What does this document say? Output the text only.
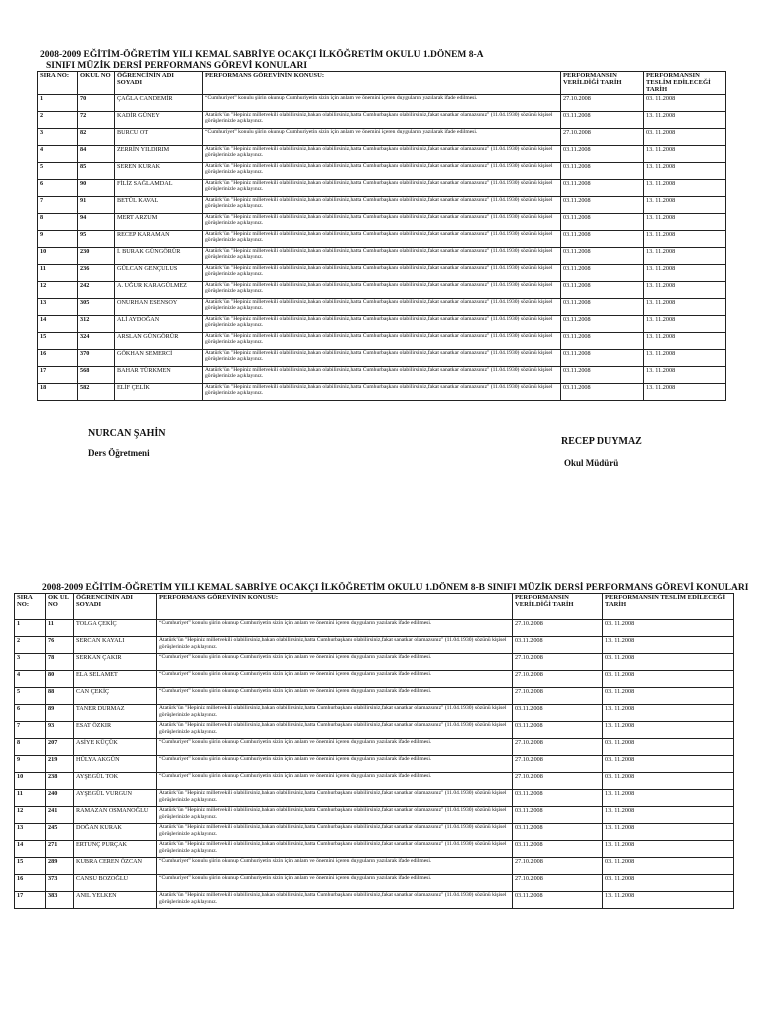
2008-2009 EĞİTİM-ÖĞRETİM YILI KEMAL SABRİYE OCAKÇI İLKÖĞRETİM OKULU 1.DÖNEM 8-A
SINIFI MÜZİK DERSİ PERFORMANS GÖREVİ KONULARI
SIRA NO:	OKUL NO	ÖĞRENCİNİN ADI SOYADI	PERFORMANS GÖREVİNİN KONUSU:	PERFORMANSIN VERİLDİĞİ TARİH	PERFORMANSIN TESLİM EDİLECEĞİ TARİH
1	70	ÇAĞLA CANDEMİR	“Cumhuriyet” konulu şiirin okunup Cumhuriyetin sizin için anlam ve önemini içeren duyguların yazılarak ifade edilmesi.	27.10.2008	03. 11.2008
2	72	KADİR GÜNEY	Atatürk’ün "Hepiniz milletvekili olabilirsiniz,bakan olabilirsiniz,hatta Cumhurbaşkanı olabilirsiniz,fakat sanatkar olamazsınız" (11.04.1930) sözünü kişisel görüşlerinizle açıklayınız.	03.11.2008	13. 11.2008
3	82	BURCU OT	“Cumhuriyet” konulu şiirin okunup Cumhuriyetin sizin için anlam ve önemini içeren duyguların yazılarak ifade edilmesi.	27.10.2008	03. 11.2008
4	84	ZERRİN YILDIRIM	Atatürk’ün "Hepiniz milletvekili olabilirsiniz,bakan olabilirsiniz,hatta Cumhurbaşkanı olabilirsiniz,fakat sanatkar olamazsınız" (11.04.1930) sözünü kişisel görüşlerinizle açıklayınız.	03.11.2008	13. 11.2008
5	85	SEREN KURAK	Atatürk’ün "Hepiniz milletvekili olabilirsiniz,bakan olabilirsiniz,hatta Cumhurbaşkanı olabilirsiniz,fakat sanatkar olamazsınız" (11.04.1930) sözünü kişisel görüşlerinizle açıklayınız.	03.11.2008	13. 11.2008
6	90	FİLİZ SAĞLAMDAL	Atatürk’ün "Hepiniz milletvekili olabilirsiniz,bakan olabilirsiniz,hatta Cumhurbaşkanı olabilirsiniz,fakat sanatkar olamazsınız" (11.04.1930) sözünü kişisel görüşlerinizle açıklayınız.	03.11.2008	13. 11.2008
7	91	BETÜL KAVAL	Atatürk’ün "Hepiniz milletvekili olabilirsiniz,bakan olabilirsiniz,hatta Cumhurbaşkanı olabilirsiniz,fakat sanatkar olamazsınız" (11.04.1930) sözünü kişisel görüşlerinizle açıklayınız.	03.11.2008	13. 11.2008
8	94	MERT ARZUM	Atatürk’ün "Hepiniz milletvekili olabilirsiniz,bakan olabilirsiniz,hatta Cumhurbaşkanı olabilirsiniz,fakat sanatkar olamazsınız" (11.04.1930) sözünü kişisel görüşlerinizle açıklayınız.	03.11.2008	13. 11.2008
9	95	RECEP KARAMAN	Atatürk’ün "Hepiniz milletvekili olabilirsiniz,bakan olabilirsiniz,hatta Cumhurbaşkanı olabilirsiniz,fakat sanatkar olamazsınız" (11.04.1930) sözünü kişisel görüşlerinizle açıklayınız.	03.11.2008	13. 11.2008
10	230	İ. BURAK GÜNGÖRÜR	Atatürk’ün "Hepiniz milletvekili olabilirsiniz,bakan olabilirsiniz,hatta Cumhurbaşkanı olabilirsiniz,fakat sanatkar olamazsınız" (11.04.1930) sözünü kişisel görüşlerinizle açıklayınız.	03.11.2008	13. 11.2008
11	236	GÜLCAN GENÇULUS	Atatürk’ün "Hepiniz milletvekili olabilirsiniz,bakan olabilirsiniz,hatta Cumhurbaşkanı olabilirsiniz,fakat sanatkar olamazsınız" (11.04.1930) sözünü kişisel görüşlerinizle açıklayınız.	03.11.2008	13. 11.2008
12	242	A. UĞUR KARAGÜLMEZ	Atatürk’ün "Hepiniz milletvekili olabilirsiniz,bakan olabilirsiniz,hatta Cumhurbaşkanı olabilirsiniz,fakat sanatkar olamazsınız" (11.04.1930) sözünü kişisel görüşlerinizle açıklayınız.	03.11.2008	13. 11.2008
13	305	ONURHAN ESENSOY	Atatürk’ün "Hepiniz milletvekili olabilirsiniz,bakan olabilirsiniz,hatta Cumhurbaşkanı olabilirsiniz,fakat sanatkar olamazsınız" (11.04.1930) sözünü kişisel görüşlerinizle açıklayınız.	03.11.2008	13. 11.2008
14	312	ALİ AYDOĞAN	Atatürk’ün "Hepiniz milletvekili olabilirsiniz,bakan olabilirsiniz,hatta Cumhurbaşkanı olabilirsiniz,fakat sanatkar olamazsınız" (11.04.1930) sözünü kişisel görüşlerinizle açıklayınız.	03.11.2008	13. 11.2008
15	324	ARSLAN GÜNGÖRÜR	Atatürk’ün "Hepiniz milletvekili olabilirsiniz,bakan olabilirsiniz,hatta Cumhurbaşkanı olabilirsiniz,fakat sanatkar olamazsınız" (11.04.1930) sözünü kişisel görüşlerinizle açıklayınız.	03.11.2008	13. 11.2008
16	370	GÖKHAN SEMERCİ	Atatürk’ün "Hepiniz milletvekili olabilirsiniz,bakan olabilirsiniz,hatta Cumhurbaşkanı olabilirsiniz,fakat sanatkar olamazsınız" (11.04.1930) sözünü kişisel görüşlerinizle açıklayınız.	03.11.2008	13. 11.2008
17	568	BAHAR TÜRKMEN	Atatürk’ün "Hepiniz milletvekili olabilirsiniz,bakan olabilirsiniz,hatta Cumhurbaşkanı olabilirsiniz,fakat sanatkar olamazsınız" (11.04.1930) sözünü kişisel görüşlerinizle açıklayınız.	03.11.2008	13. 11.2008
18	582	ELİF ÇELİK	Atatürk’ün "Hepiniz milletvekili olabilirsiniz,bakan olabilirsiniz,hatta Cumhurbaşkanı olabilirsiniz,fakat sanatkar olamazsınız" (11.04.1930) sözünü kişisel görüşlerinizle açıklayınız.	03.11.2008	13. 11.2008
NURCAN ŞAHİN
Ders Öğretmeni
RECEP DUYMAZ
Okul Müdürü
2008-2009 EĞİTİM-ÖĞRETİM YILI KEMAL SABRİYE OCAKÇI İLKÖĞRETİM OKULU 1.DÖNEM 8-B SINIFI MÜZİK DERSİ PERFORMANS GÖREVİ KONULARI
SIRA NO:	OK UL NO	ÖĞRENCİNİN ADI SOYADI	PERFORMANS GÖREVİNİN KONUSU:	PERFORMANSIN VERİLDİĞİ TARİH	PERFORMANSIN TESLİM EDİLECEĞİ TARİH
1	11	TOLGA ÇEKİÇ	“Cumhuriyet” konulu şiirin okunup Cumhuriyetin sizin için anlam ve önemini içeren duyguların yazılarak ifade edilmesi.	27.10.2008	03. 11.2008
2	76	SERCAN KAYALI	Atatürk’ün "Hepiniz milletvekili olabilirsiniz,bakan olabilirsiniz,hatta Cumhurbaşkanı olabilirsiniz,fakat sanatkar olamazsınız" (11.04.1930) sözünü kişisel görüşlerinizle açıklayınız.	03.11.2008	13. 11.2008
3	78	SERKAN ÇAKIR	“Cumhuriyet” konulu şiirin okunup Cumhuriyetin sizin için anlam ve önemini içeren duyguların yazılarak ifade edilmesi.	27.10.2008	03. 11.2008
4	80	ELA SELAMET	“Cumhuriyet” konulu şiirin okunup Cumhuriyetin sizin için anlam ve önemini içeren duyguların yazılarak ifade edilmesi.	27.10.2008	03. 11.2008
5	88	CAN ÇEKİÇ	“Cumhuriyet” konulu şiirin okunup Cumhuriyetin sizin için anlam ve önemini içeren duyguların yazılarak ifade edilmesi.	27.10.2008	03. 11.2008
6	89	TANER DURMAZ	Atatürk’ün "Hepiniz milletvekili olabilirsiniz,bakan olabilirsiniz,hatta Cumhurbaşkanı olabilirsiniz,fakat sanatkar olamazsınız" (11.04.1930) sözünü kişisel görüşlerinizle açıklayınız.	03.11.2008	13. 11.2008
7	93	ESAT ÖZKIR	Atatürk’ün "Hepiniz milletvekili olabilirsiniz,bakan olabilirsiniz,hatta Cumhurbaşkanı olabilirsiniz,fakat sanatkar olamazsınız" (11.04.1930) sözünü kişisel görüşlerinizle açıklayınız.	03.11.2008	13. 11.2008
8	207	ASİYE KÜÇÜK	“Cumhuriyet” konulu şiirin okunup Cumhuriyetin sizin için anlam ve önemini içeren duyguların yazılarak ifade edilmesi.	27.10.2008	03. 11.2008
9	219	HÜLYA AKGÜN	“Cumhuriyet” konulu şiirin okunup Cumhuriyetin sizin için anlam ve önemini içeren duyguların yazılarak ifade edilmesi.	27.10.2008	03. 11.2008
10	238	AYŞEGÜL TOK	“Cumhuriyet” konulu şiirin okunup Cumhuriyetin sizin için anlam ve önemini içeren duyguların yazılarak ifade edilmesi.	27.10.2008	03. 11.2008
11	240	AYŞEGÜL VURGUN	Atatürk’ün "Hepiniz milletvekili olabilirsiniz,bakan olabilirsiniz,hatta Cumhurbaşkanı olabilirsiniz,fakat sanatkar olamazsınız" (11.04.1930) sözünü kişisel görüşlerinizle açıklayınız.	03.11.2008	13. 11.2008
12	241	RAMAZAN OSMANOĞLU	Atatürk’ün "Hepiniz milletvekili olabilirsiniz,bakan olabilirsiniz,hatta Cumhurbaşkanı olabilirsiniz,fakat sanatkar olamazsınız" (11.04.1930) sözünü kişisel görüşlerinizle açıklayınız.	03.11.2008	13. 11.2008
13	245	DOĞAN KURAK	Atatürk’ün "Hepiniz milletvekili olabilirsiniz,bakan olabilirsiniz,hatta Cumhurbaşkanı olabilirsiniz,fakat sanatkar olamazsınız" (11.04.1930) sözünü kişisel görüşlerinizle açıklayınız.	03.11.2008	13. 11.2008
14	271	ERTUNÇ PURÇAK	Atatürk’ün "Hepiniz milletvekili olabilirsiniz,bakan olabilirsiniz,hatta Cumhurbaşkanı olabilirsiniz,fakat sanatkar olamazsınız" (11.04.1930) sözünü kişisel görüşlerinizle açıklayınız.	03.11.2008	13. 11.2008
15	289	KUBRA CEREN ÖZCAN	“Cumhuriyet” konulu şiirin okunup Cumhuriyetin sizin için anlam ve önemini içeren duyguların yazılarak ifade edilmesi.	27.10.2008	03. 11.2008
16	373	CANSU BOZOĞLU	“Cumhuriyet” konulu şiirin okunup Cumhuriyetin sizin için anlam ve önemini içeren duyguların yazılarak ifade edilmesi.	27.10.2008	03. 11.2008
17	383	ANIL YELKEN	Atatürk’ün "Hepiniz milletvekili olabilirsiniz,bakan olabilirsiniz,hatta Cumhurbaşkanı olabilirsiniz,fakat sanatkar olamazsınız" (11.04.1930) sözünü kişisel görüşlerinizle açıklayınız.	03.11.2008	13. 11.2008
